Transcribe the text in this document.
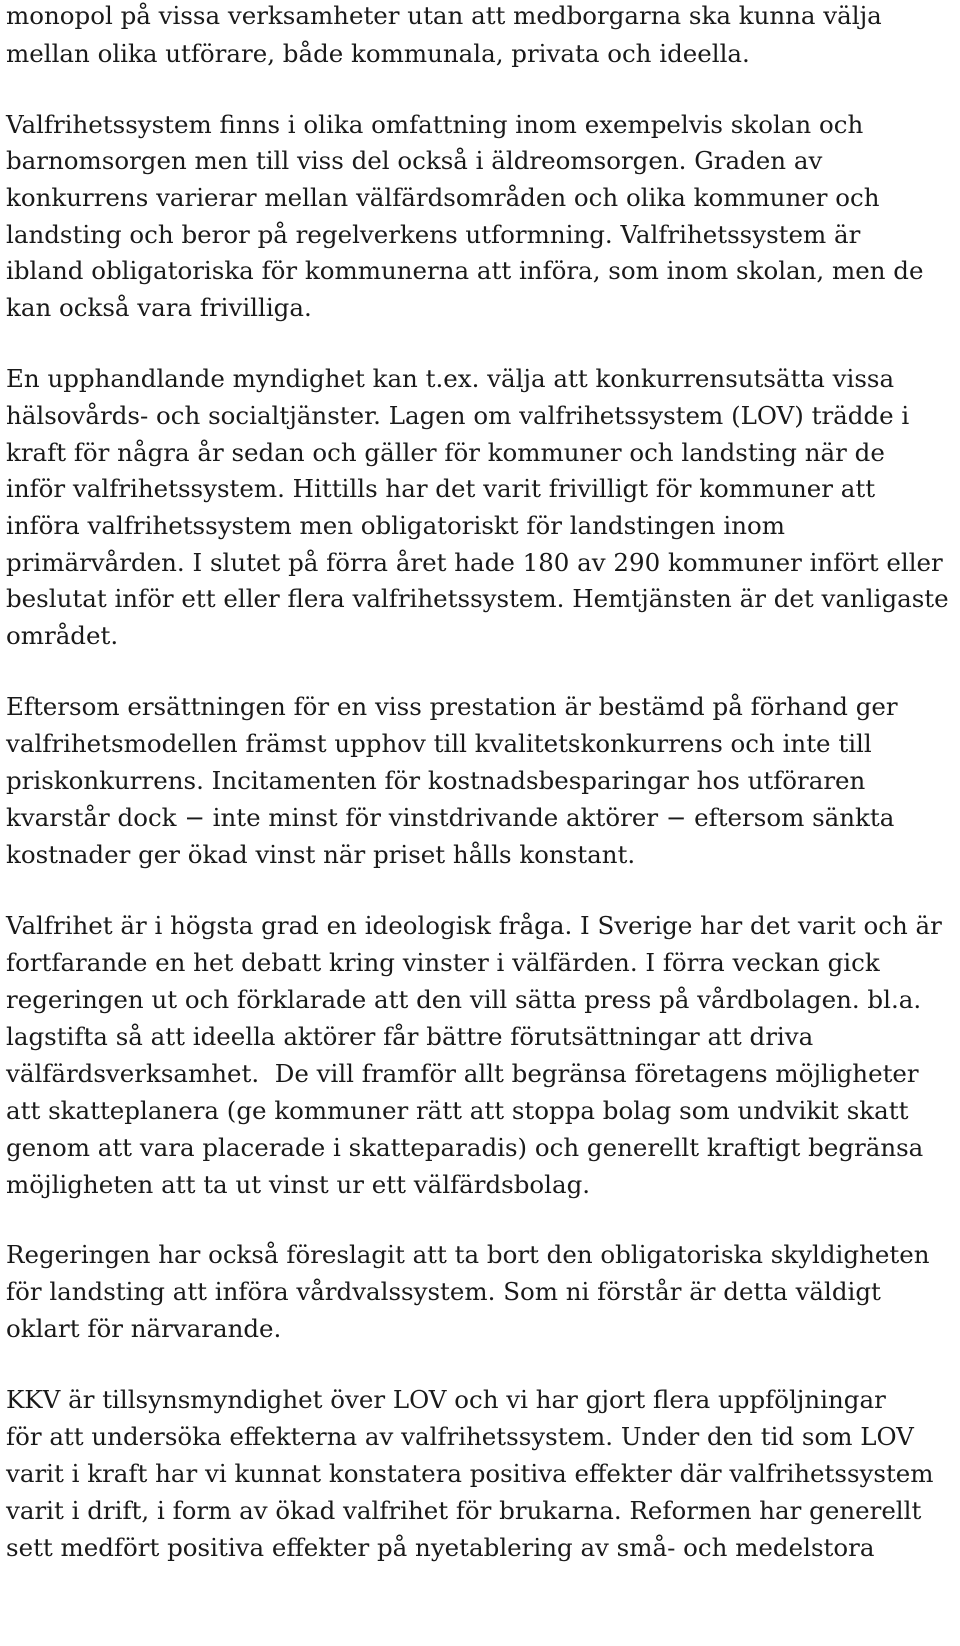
monopol på vissa verksamheter utan att medborgarna ska kunna välja

mellan olika utförare, både kommunala, privata och ideella.

Valfrihetssystem finns i olika omfattning inom exempelvis skolan och

barnomsorgen men till viss del också i äldreomsorgen. Graden av

konkurrens varierar mellan välfärdsområden och olika kommuner och

landsting och beror på regelverkens utformning. Valfrihetssystem är

ibland obligatoriska för kommunerna att införa, som inom skolan, men de

kan också vara frivilliga.

En upphandlande myndighet kan t.ex. välja att konkurrensutsätta vissa

hälsovårds- och socialtjänster. Lagen om valfrihetssystem (LOV) trädde i

kraft för några år sedan och gäller för kommuner och landsting när de

inför valfrihetssystem. Hittills har det varit frivilligt för kommuner att

införa valfrihetssystem men obligatoriskt för landstingen inom

primärvården. I slutet på förra året hade 180 av 290 kommuner infört eller

beslutat inför ett eller flera valfrihetssystem. Hemtjänsten är det vanligaste

området.

Eftersom ersättningen för en viss prestation är bestämd på förhand ger

valfrihetsmodellen främst upphov till kvalitetskonkurrens och inte till

priskonkurrens. Incitamenten för kostnadsbesparingar hos utföraren

kvarstår dock − inte minst för vinstdrivande aktörer − eftersom sänkta

kostnader ger ökad vinst när priset hålls konstant.

Valfrihet är i högsta grad en ideologisk fråga. I Sverige har det varit och är

fortfarande en het debatt kring vinster i välfärden. I förra veckan gick

regeringen ut och förklarade att den vill sätta press på vårdbolagen. bl.a.

lagstifta så att ideella aktörer får bättre förutsättningar att driva

välfärdsverksamhet.  De vill framför allt begränsa företagens möjligheter

att skatteplanera (ge kommuner rätt att stoppa bolag som undvikit skatt

genom att vara placerade i skatteparadis) och generellt kraftigt begränsa

möjligheten att ta ut vinst ur ett välfärdsbolag.

Regeringen har också föreslagit att ta bort den obligatoriska skyldigheten

för landsting att införa vårdvalssystem. Som ni förstår är detta väldigt

oklart för närvarande.

KKV är tillsynsmyndighet över LOV och vi har gjort flera uppföljningar

för att undersöka effekterna av valfrihetssystem. Under den tid som LOV

varit i kraft har vi kunnat konstatera positiva effekter där valfrihetssystem

varit i drift, i form av ökad valfrihet för brukarna. Reformen har generellt

sett medfört positiva effekter på nyetablering av små- och medelstora
